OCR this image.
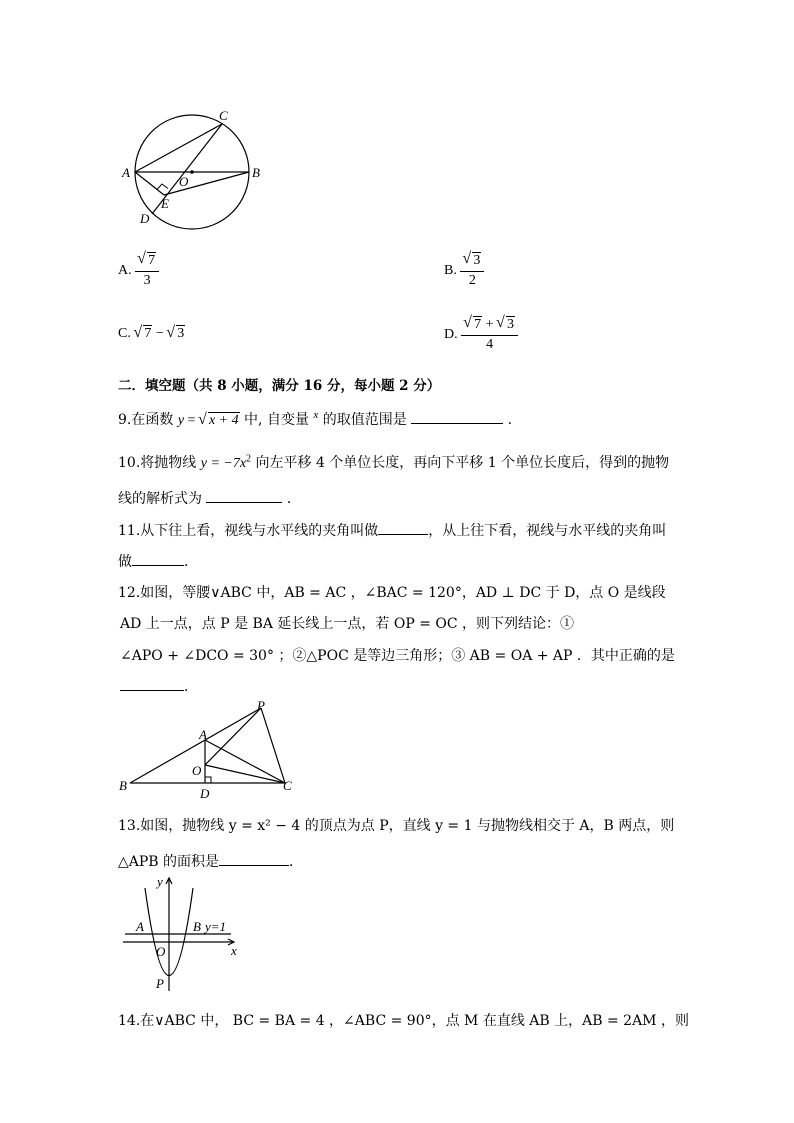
A	B
C
O
D
E
A. √ $\frac{7}{3}$	B. √ $\frac{3}{2}$
C. √ 7 − √ 3	D. √ $\frac{7 + √ 3}{4}$
二．填空题（共 8 小题，满分 16 分，每小题 2 分）
9.在函数 y = √ x + 4 中, 自变量 $^x$ 的取值范围是	.
10.将抛物线 $y = -7x^2$ 向左平移 4 个单位长度，再向下平移 1 个单位长度后，得到的抛物
线的解析式为	．
11.从下往上看，视线与水平线的夹角叫做	，从上往下看，视线与水平线的夹角叫
做	．
12.如图，等腰∨ABC 中，AB = AC ，∠BAC = 120°，AD ⊥ DC 于 D，点 O 是线段
AD 上一点，点 P 是 BA 延长线上一点，若 OP = OC ，则下列结论：①
∠APO + ∠DCO = 30° ；②△POC 是等边三角形；③ AB = OA + AP ．其中正确的是
．
P
A
O
B
D
C
13.如图，抛物线 y = x² − 4 的顶点为点 P，直线 y = 1 与抛物线相交于 A，B 两点，则
△APB 的面积是	．
y
x
A	B y=1
O
P
14.在∨ABC 中， BC = BA = 4 ，∠ABC = 90°，点 M 在直线 AB 上，AB = 2AM ，则
